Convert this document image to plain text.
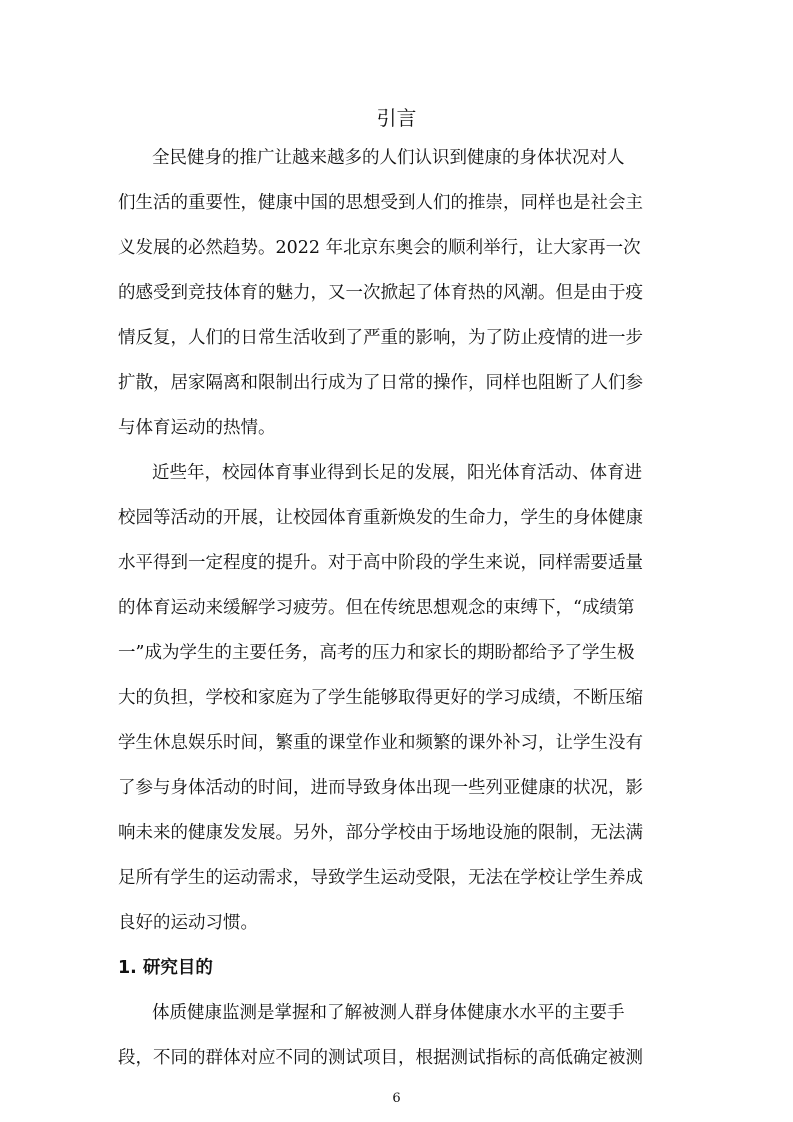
引言

全民健身的推广让越来越多的人们认识到健康的身体状况对人

们生活的重要性，健康中国的思想受到人们的推崇，同样也是社会主

义发展的必然趋势。2022 年北京东奥会的顺利举行，让大家再一次

的感受到竞技体育的魅力，又一次掀起了体育热的风潮。但是由于疫

情反复，人们的日常生活收到了严重的影响，为了防止疫情的进一步

扩散，居家隔离和限制出行成为了日常的操作，同样也阻断了人们参

与体育运动的热情。

近些年，校园体育事业得到长足的发展，阳光体育活动、体育进

校园等活动的开展，让校园体育重新焕发的生命力，学生的身体健康

水平得到一定程度的提升。对于高中阶段的学生来说，同样需要适量

的体育运动来缓解学习疲劳。但在传统思想观念的束缚下，“成绩第

一”成为学生的主要任务，高考的压力和家长的期盼都给予了学生极

大的负担，学校和家庭为了学生能够取得更好的学习成绩，不断压缩

学生休息娱乐时间，繁重的课堂作业和频繁的课外补习，让学生没有

了参与身体活动的时间，进而导致身体出现一些列亚健康的状况，影

响未来的健康发发展。另外，部分学校由于场地设施的限制，无法满

足所有学生的运动需求，导致学生运动受限，无法在学校让学生养成

良好的运动习惯。

1. 研究目的

体质健康监测是掌握和了解被测人群身体健康水水平的主要手

段，不同的群体对应不同的测试项目，根据测试指标的高低确定被测

6
